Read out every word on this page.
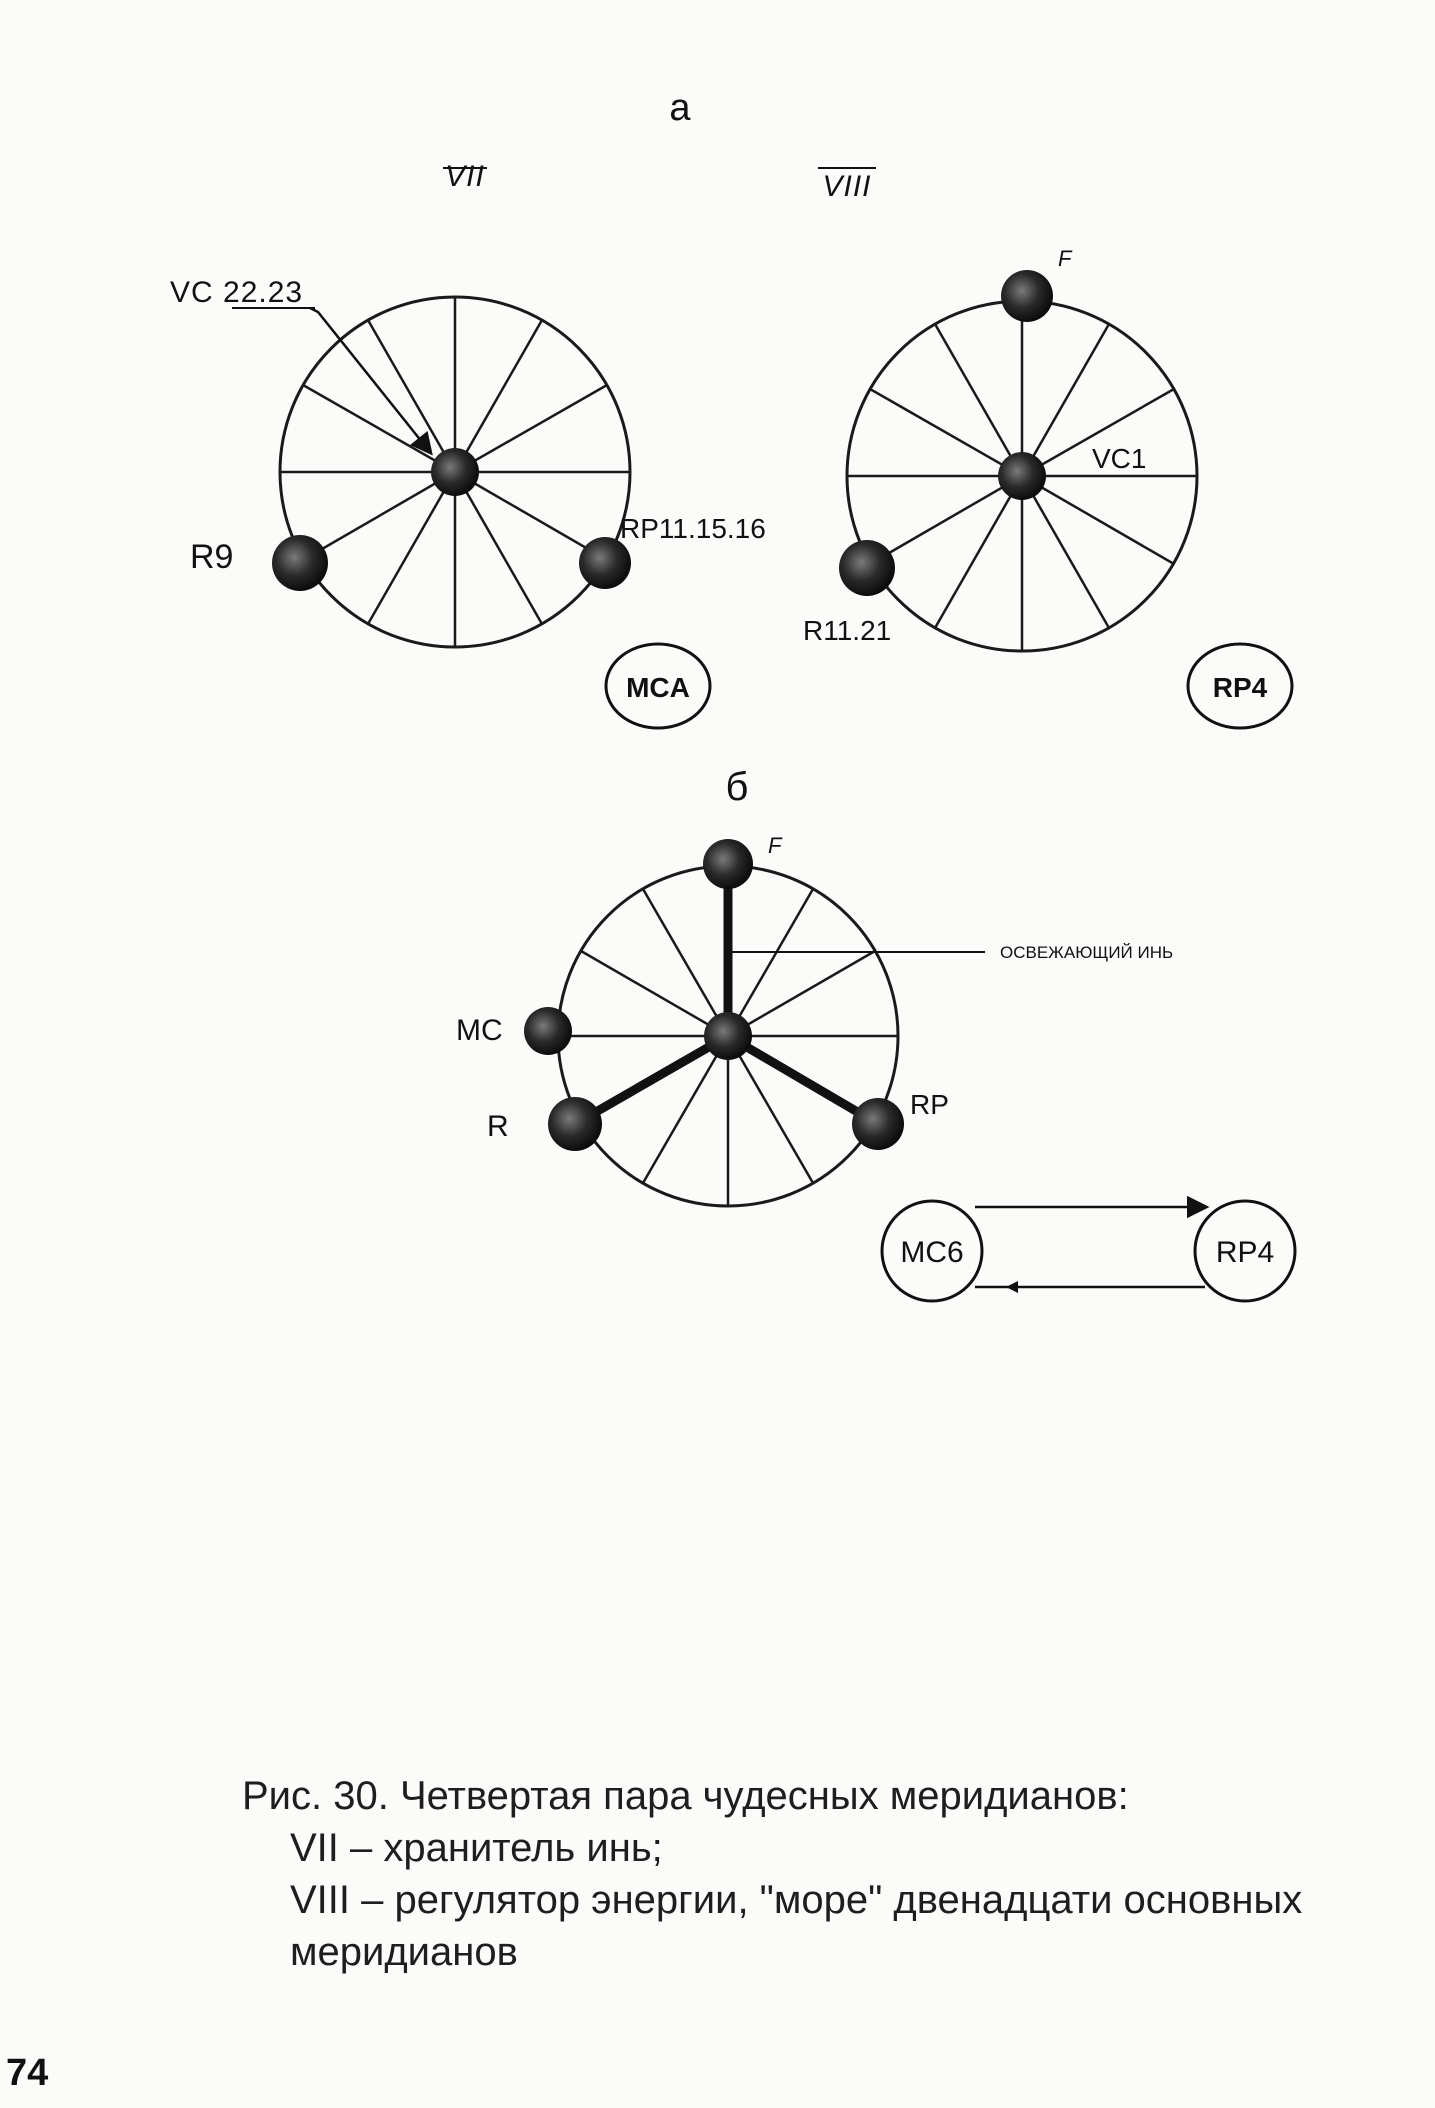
а
VII
VC 22.23
R9
RP11.15.16
MCA
VIII
F
VC1
R11.21
RP4
б
F
ОСВЕЖАЮЩИЙ ИНЬ
MC
R
RP
MC6	RP4
Рис. 30. Четвертая пара чудесных меридианов:
VII – хранитель инь;
VIII – регулятор энергии, "море" двенадцати основных
меридианов
74
